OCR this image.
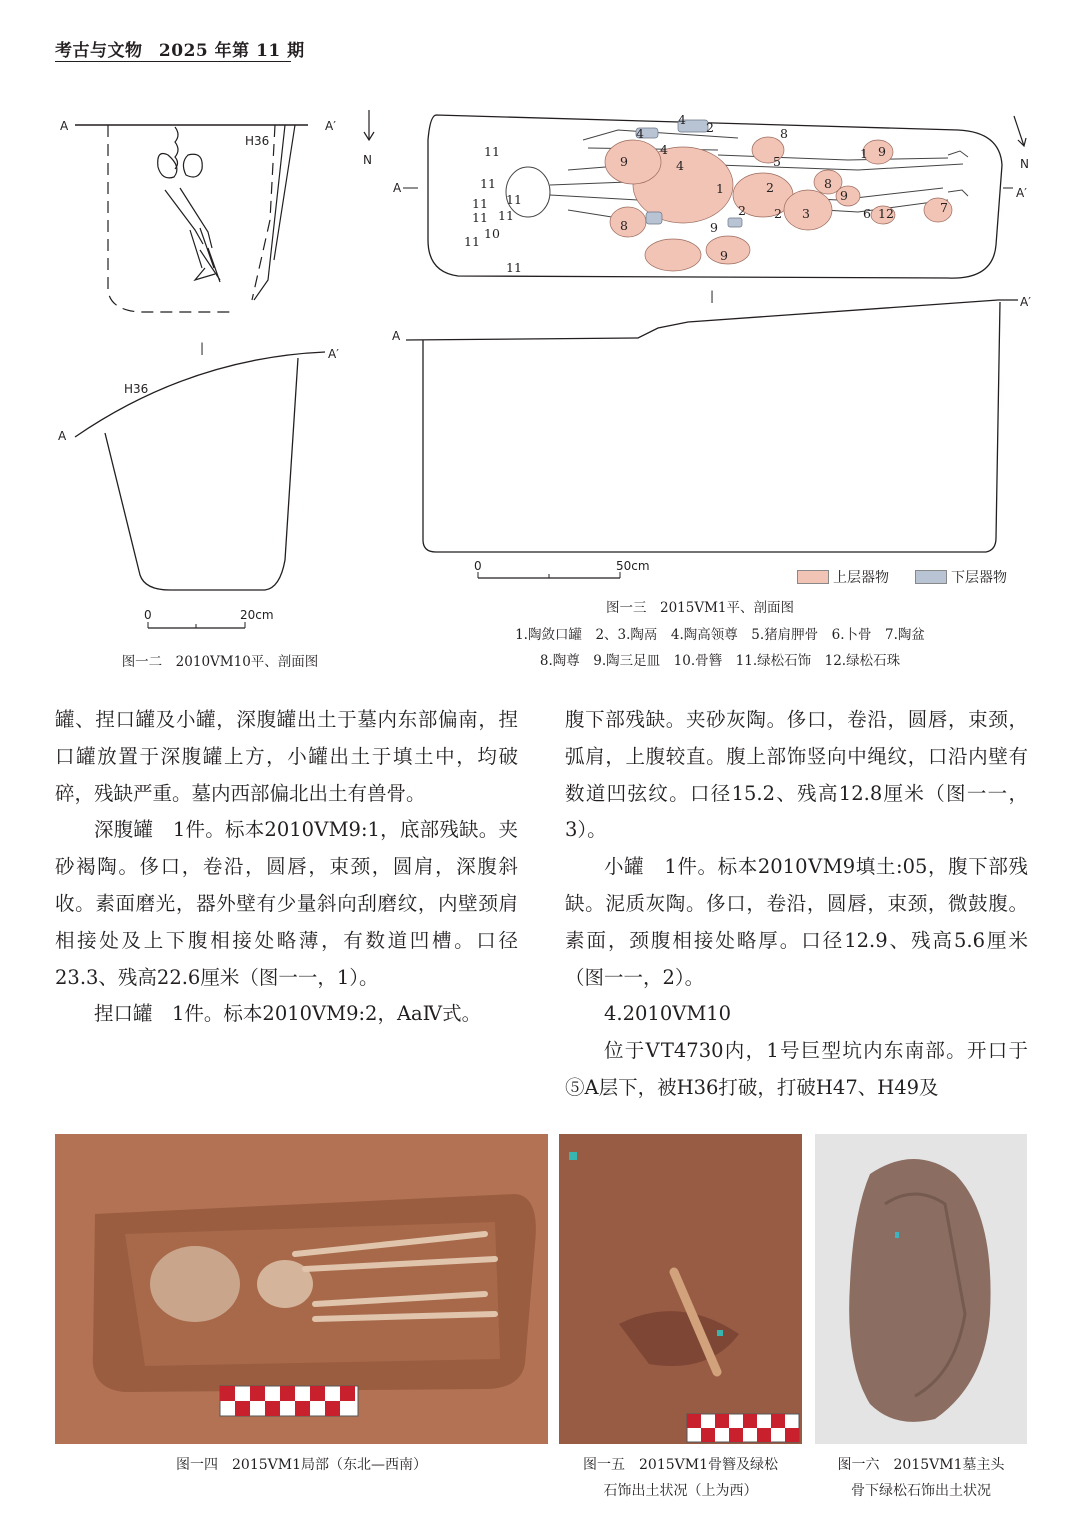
考古与文物 2025 年第 11 期
A	A′
H36
|
A
A′
H36
0	20cm
N
图一二　2010ⅤM10平、剖面图
A	A′
11
11
11
11
11 11
10
11
11
4
4
2
9
4
4
1
2
8
5
2
2 3
8
9
1 9
6 12	7
8	9
9
|
A
A′
0	50cm
N
上层器物	下层器物
图一三　2015ⅤM1平、剖面图
1.陶敛口罐　2、3.陶鬲　4.陶高领尊　5.猪肩胛骨　6.卜骨　7.陶盆
8.陶尊　9.陶三足皿　10.骨簪　11.绿松石饰　12.绿松石珠

罐、捏口罐及小罐，深腹罐出土于墓内东部偏南，捏口罐放置于深腹罐上方，小罐出土于填土中，均破碎，残缺严重。墓内西部偏北出土有兽骨。

深腹罐　1件。标本2010ⅤM9:1，底部残缺。夹砂褐陶。侈口，卷沿，圆唇，束颈，圆肩，深腹斜收。素面磨光，器外壁有少量斜向刮磨纹，内壁颈肩相接处及上下腹相接处略薄，有数道凹槽。口径23.3、残高22.6厘米（图一一，1）。

捏口罐　1件。标本2010ⅤM9:2，AaⅣ式。

腹下部残缺。夹砂灰陶。侈口，卷沿，圆唇，束颈，弧肩，上腹较直。腹上部饰竖向中绳纹，口沿内壁有数道凹弦纹。口径15.2、残高12.8厘米（图一一，3）。

小罐　1件。标本2010ⅤM9填土:05，腹下部残缺。泥质灰陶。侈口，卷沿，圆唇，束颈，微鼓腹。素面，颈腹相接处略厚。口径12.9、残高5.6厘米（图一一，2）。

4.2010ⅤM10

位于ⅤT4730内，1号巨型坑内东南部。开口于⑤A层下，被H36打破，打破H47、H49及

图一四　2015ⅤM1局部（东北—西南）	图一五　2015ⅤM1骨簪及绿松
石饰出土状况（上为西）
图一六　2015ⅤM1墓主头
骨下绿松石饰出土状况
